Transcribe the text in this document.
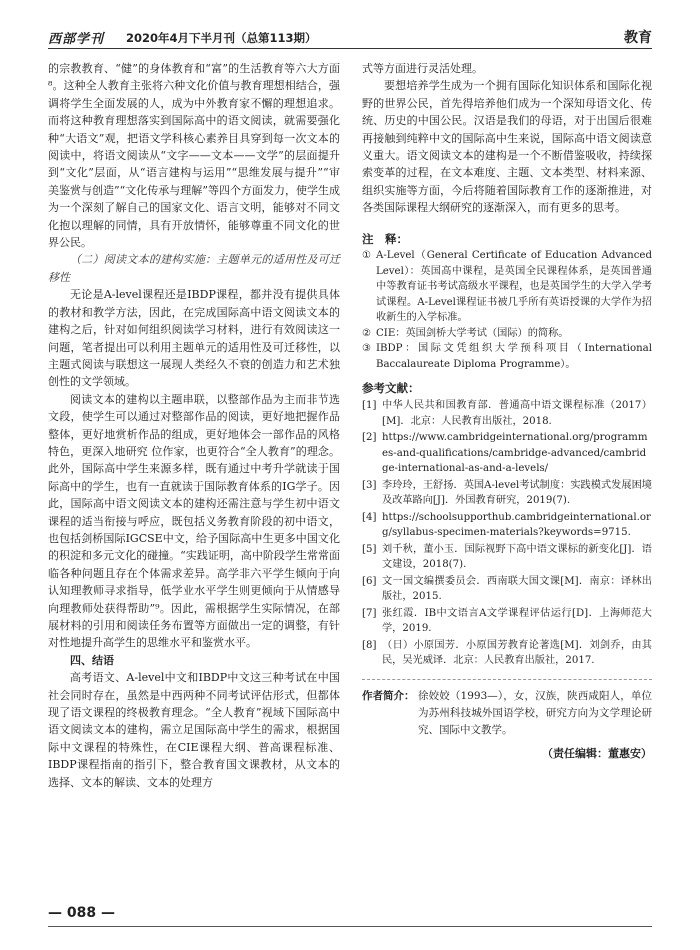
西部学刊 2020年4月下半月刊（总第113期）	教育

的宗教教育、“健”的身体教育和“富”的生活教育等六大方面⁸。这种全人教育主张将六种文化价值与教育理想相结合，强调将学生全面发展的人，成为中外教育家不懈的理想追求。而将这种教育理想落实到国际高中的语文阅读，就需要强化 种“大语文”观，把语文学科核心素养目具穿到每一次文本的阅读中，将语文阅读从“文字——文本——文学”的层面提升到“文化”层面，从“语言建构与运用”“思维发展与提升”“审美鉴赏与创造”“文化传承与理解”等四个方面发力，使学生成为一个深刻了解自己的国家文化、语言文明，能够对不同文化抱以理解的同情，具有开放情怀，能够尊重不同文化的世界公民。

（二）阅读文本的建构实施：主题单元的适用性及可迁移性

无论是A-level课程还是IBDP课程，都并没有提供具体的教材和教学方法，因此，在完成国际高中语文阅读文本的建构之后，针对如何组织阅读学习材料，进行有效阅读这一问题，笔者提出可以利用主题单元的适用性及可迁移性，以主题式阅读与联想这一展现人类经久不衰的创造力和艺术独创性的文学领域。

阅读文本的建构以主题串联，以整部作品为主而非节选文段，使学生可以通过对整部作品的阅读，更好地把握作品整体，更好地赏析作品的组成，更好地体会一部作品的风格特色，更深入地研究 位作家，也更符合“全人教育”的理念。此外，国际高中学生来源多样，既有通过中考升学就读于国际高中的学生，也有一直就读于国际教育体系的IG学子。因此，国际高中语文阅读文本的建构还需注意与学生初中语文课程的适当衔接与呼应，既包括义务教育阶段的初中语文，也包括剑桥国际IGCSE中文，给予国际高中生更多中国文化的积淀和多元文化的碰撞。“实践证明，高中阶段学生常常面临各种问题且存在个体需求差异。高学非六平学生倾向于向认知理教师寻求指导，低学业水平学生则更倾向于从情感导向理教师处获得帮助”⁹。因此，需根据学生实际情况，在部展材料的引用和阅读任务布置等方面做出一定的调整，有针对性地提升高学生的思维水平和鉴赏水平。

四、结语

高考语文、A-level中文和IBDP中文这三种考试在中国社会同时存在，虽然是中西两种不同考试评估形式，但都体现了语文课程的终极教育理念。“全人教育”视域下国际高中语文阅读文本的建构，需立足国际高中学生的需求，根据国际中文课程的特殊性，在CIE课程大纲、普高课程标准、IBDP课程指南的指引下，整合教育国文课教材，从文本的选择、文本的解读、文本的处理方

式等方面进行灵活处理。

要想培养学生成为一个拥有国际化知识体系和国际化视野的世界公民，首先得培养他们成为一个深知母语文化、传统、历史的中国公民。汉语是我们的母语，对于出国后很难再接触到纯粹中文的国际高中生来说，国际高中语文阅读意义重大。语文阅读文本的建构是一个不断借鉴吸收，持续探索变革的过程，在文本难度、主题、文本类型、材料来源、组织实施等方面，今后将随着国际教育工作的逐渐推进，对各类国际课程大纲研究的逐渐深入，而有更多的思考。

注　释：
① A-Level（General Certificate of Education Advanced Level）：英国高中课程，是英国全民课程体系，是英国普通中等教育证书考试高级水平课程，也是英国学生的大学入学考试课程。A-Level课程证书被几乎所有英语授课的大学作为招收新生的入学标准。
② CIE：英国剑桥大学考试（国际）的简称。
③ IBDP：国际文凭组织大学预科项目（International Baccalaureate Diploma Programme）。
参考文献：
[1] 中华人民共和国教育部．普通高中语文课程标准（2017）[M]．北京：人民教育出版社，2018.
[2] https://www.cambridgeinternational.org/programmes-and-qualifications/cambridge-advanced/cambridge-international-as-and-a-levels/
[3] 李玲玲，王舒扬．英国A-level考试制度：实践模式发展困境及改革路向[J]．外国教育研究，2019(7).
[4] https://schoolsupporthub.cambridgeinternational.org/syllabus-specimen-materials?keywords=9715.
[5] 刘千秋，董小玉．国际视野下高中语文课标的新变化[J]．语文建设，2018(7).
[6] 文一国文编撰委员会．西南联大国文课[M]．南京：译林出版社，2015.
[7] 张红霞．IB中文语言A文学课程评估运行[D]．上海师范大学，2019.
[8] （日）小原国芳．小原国芳教育论著选[M]．刘剑乔，由其民，吴光威译．北京：人民教育出版社，2017.
作者简介： 徐姣姣（1993—），女，汉族，陕西咸阳人，单位为苏州科技城外国语学校，研究方向为文学理论研究、国际中文教学。
（责任编辑：董惠安）
— 088 —
